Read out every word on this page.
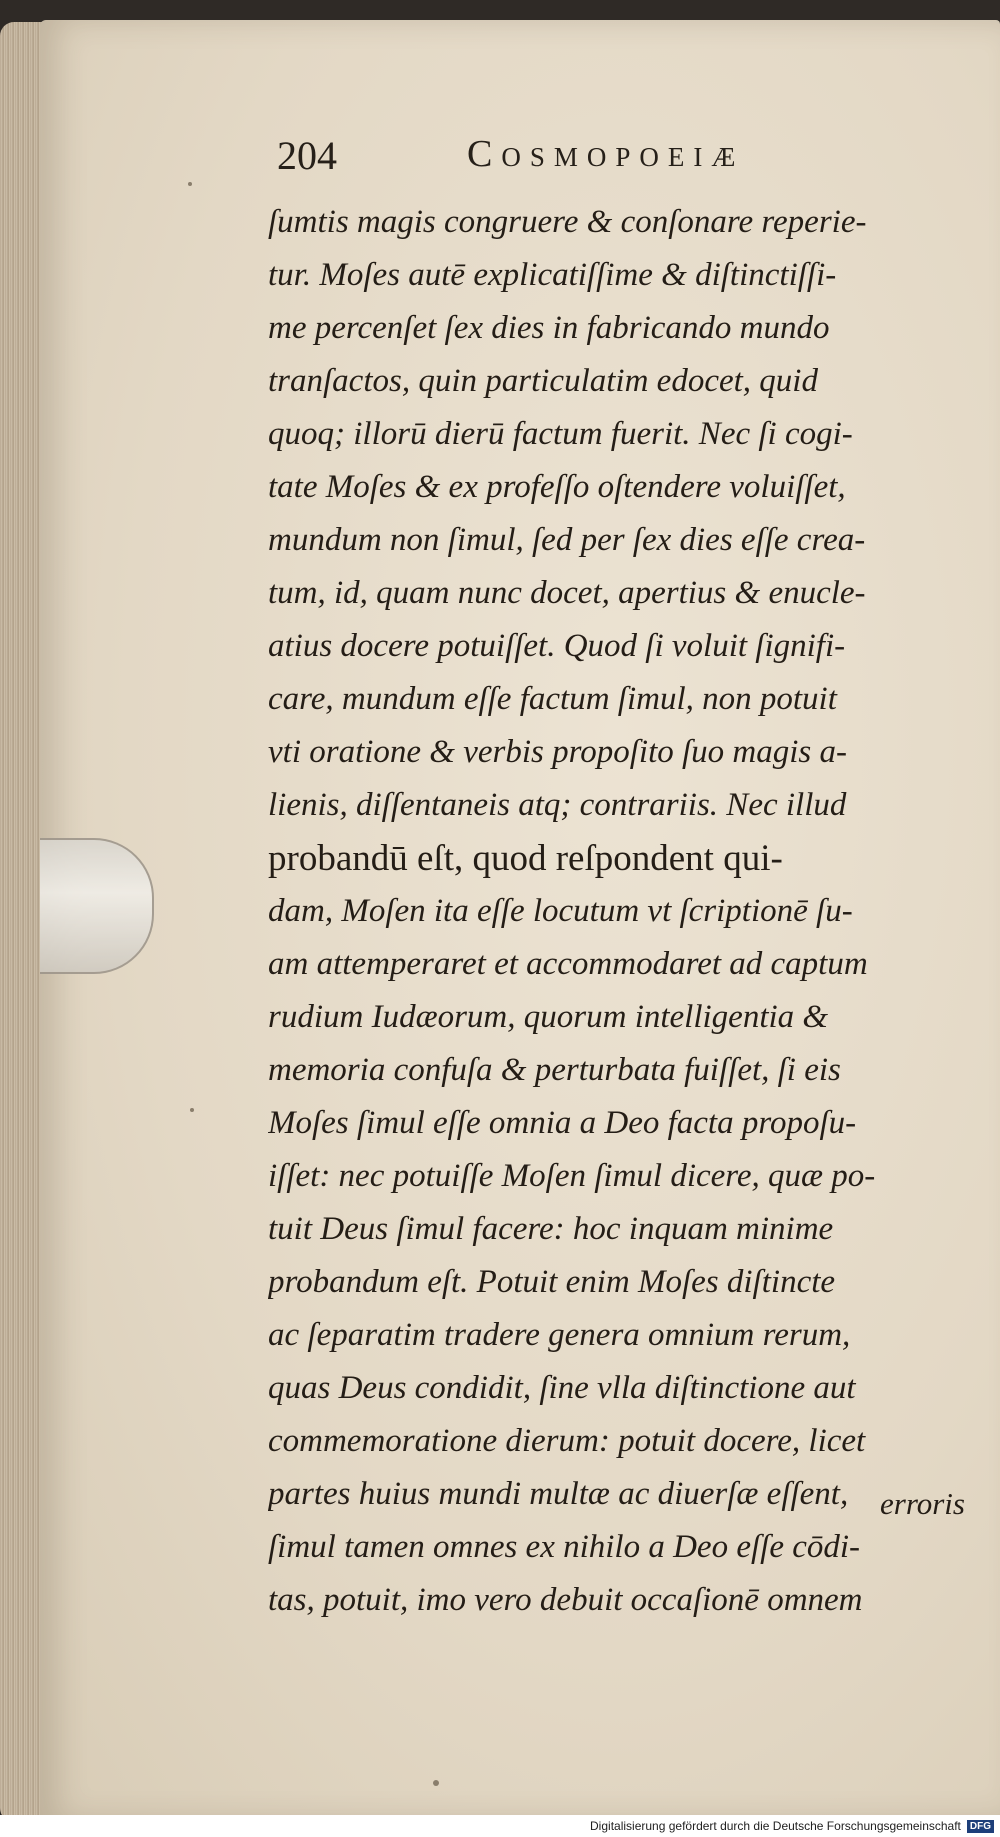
204	Cosmopoeiæ
ſumtis magis congruere & conſonare reperie-
tur. Moſes autē explicatiſſime & diſtinctiſſi-
me percenſet ſex dies in fabricando mundo
tranſactos, quin particulatim edocet, quid
quoq; illorū dierū factum fuerit. Nec ſi cogi-
tate Moſes & ex profeſſo oſtendere voluiſſet,
mundum non ſimul, ſed per ſex dies eſſe crea-
tum, id, quam nunc docet, apertius & enucle-
atius docere potuiſſet. Quod ſi voluit ſignifi-
care, mundum eſſe factum ſimul, non potuit
vti oratione & verbis propoſito ſuo magis a-
lienis, diſſentaneis atq; contrariis. Nec illud
probandū eſt, quod reſpondent qui-
dam, Moſen ita eſſe locutum vt ſcriptionē ſu-
am attemperaret et accommodaret ad captum
rudium Iudæorum, quorum intelligentia &
memoria confuſa & perturbata fuiſſet, ſi eis
Moſes ſimul eſſe omnia a Deo facta propoſu-
iſſet: nec potuiſſe Moſen ſimul dicere, quæ po-
tuit Deus ſimul facere: hoc inquam minime
probandum eſt. Potuit enim Moſes diſtincte
ac ſeparatim tradere genera omnium rerum,
quas Deus condidit, ſine vlla diſtinctione aut
commemoratione dierum: potuit docere, licet
partes huius mundi multæ ac diuerſæ eſſent,
ſimul tamen omnes ex nihilo a Deo eſſe cōdi-
tas, potuit, imo vero debuit occaſionē omnem
erroris
Digitalisierung gefördert durch die Deutsche Forschungsgemeinschaft DFG
